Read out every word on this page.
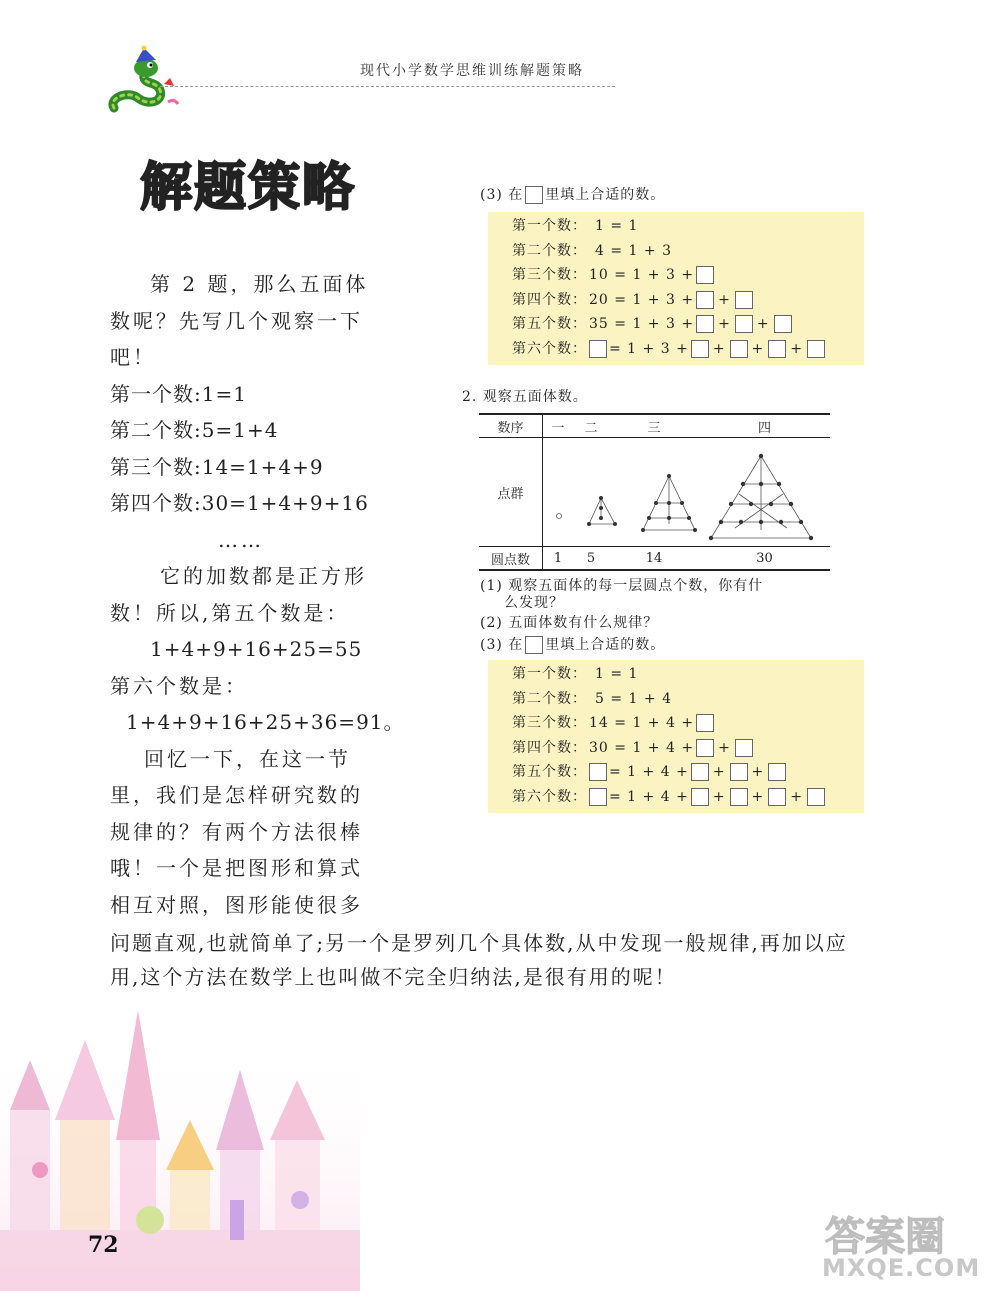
现代小学数学思维训练解题策略
解题策略
第 2 题，那么五面体
数呢？先写几个观察一下
吧！
第一个数:1=1
第二个数:5=1+4
第三个数:14=1+4+9
第四个数:30=1+4+9+16
……
它的加数都是正方形
数！所以,第五个数是：
1+4+9+16+25=55
第六个数是：
1+4+9+16+25+36=91。
回忆一下，在这一节
里，我们是怎样研究数的
规律的？有两个方法很棒
哦！一个是把图形和算式
相互对照，图形能使很多
问题直观,也就简单了;另一个是罗列几个具体数,从中发现一般规律,再加以应
用,这个方法在数学上也叫做不完全归纳法,是很有用的呢！
(3) 在 里填上合适的数。
第一个数： 1 = 1
第二个数： 4 = 1 + 3
第三个数： 10 = 1 + 3 +
第四个数： 20 = 1 + 3 + +
第五个数： 35 = 1 + 3 + + +
第六个数： = 1 + 3 + + + +
2. 观察五面体数。
数序	一	二	三	四
点群	
圆点数	1	5	14	30
(1) 观察五面体的每一层圆点个数，你有什
么发现？
(2) 五面体数有什么规律？
(3) 在 里填上合适的数。
第一个数： 1 = 1
第二个数： 5 = 1 + 4
第三个数： 14 = 1 + 4 +
第四个数： 30 = 1 + 4 + +
第五个数： = 1 + 4 + + +
第六个数： = 1 + 4 + + + +
72	答案圈
MXQE.COM
